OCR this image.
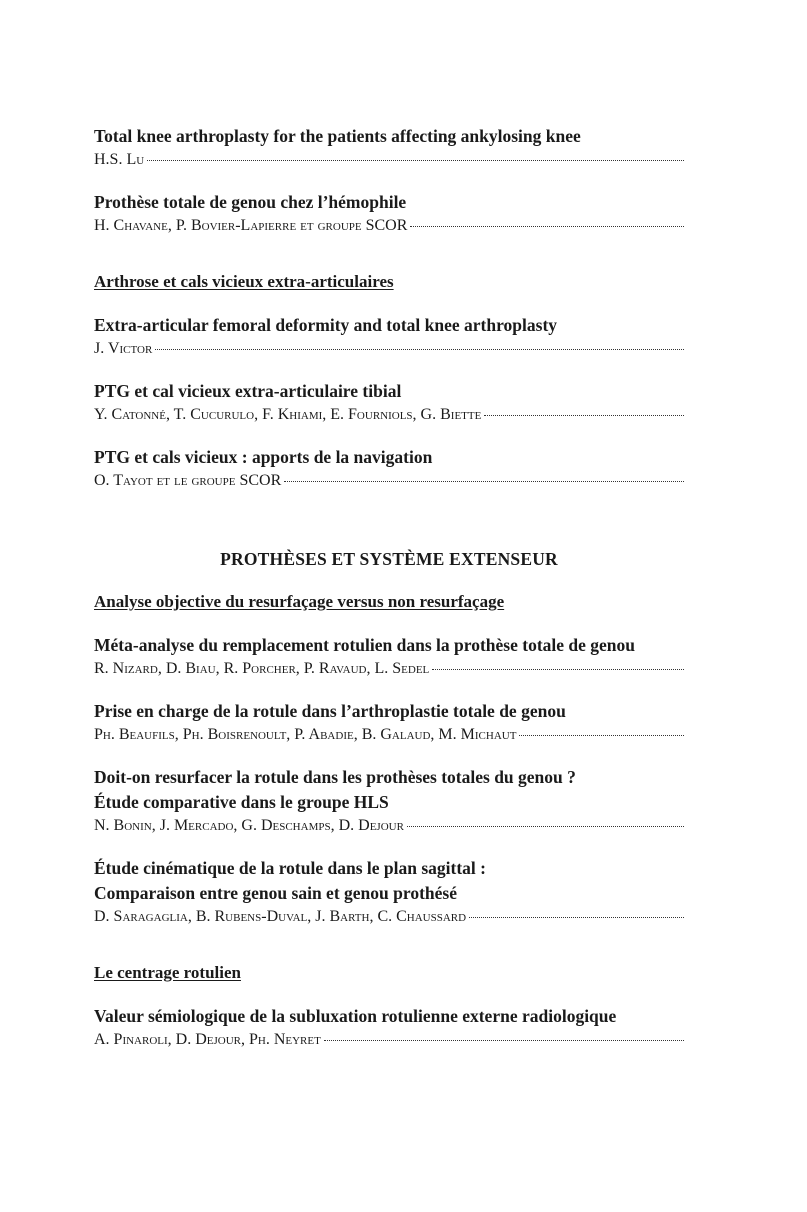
Total knee arthroplasty for the patients affecting ankylosing knee
H.S. Lu
Prothèse totale de genou chez l’hémophile
H. Chavane, P. Bovier-Lapierre et groupe SCOR
Arthrose et cals vicieux extra-articulaires
Extra-articular femoral deformity and total knee arthroplasty
J. Victor
PTG et cal vicieux extra-articulaire tibial
Y. Catonné, T. Cucurulo, F. Khiami, E. Fourniols, G. Biette
PTG et cals vicieux : apports de la navigation
O. Tayot et le groupe SCOR
PROTHÈSES ET SYSTÈME EXTENSEUR
Analyse objective du resurfaçage versus non resurfaçage
Méta-analyse du remplacement rotulien dans la prothèse totale de genou
R. Nizard, D. Biau, R. Porcher, P. Ravaud, L. Sedel
Prise en charge de la rotule dans l’arthroplastie totale de genou
Ph. Beaufils, Ph. Boisrenoult, P. Abadie, B. Galaud, M. Michaut
Doit-on resurfacer la rotule dans les prothèses totales du genou ?
Étude comparative dans le groupe HLS
N. Bonin, J. Mercado, G. Deschamps, D. Dejour
Étude cinématique de la rotule dans le plan sagittal :
Comparaison entre genou sain et genou prothésé
D. Saragaglia, B. Rubens-Duval, J. Barth, C. Chaussard
Le centrage rotulien
Valeur sémiologique de la subluxation rotulienne externe radiologique
A. Pinaroli, D. Dejour, Ph. Neyret
